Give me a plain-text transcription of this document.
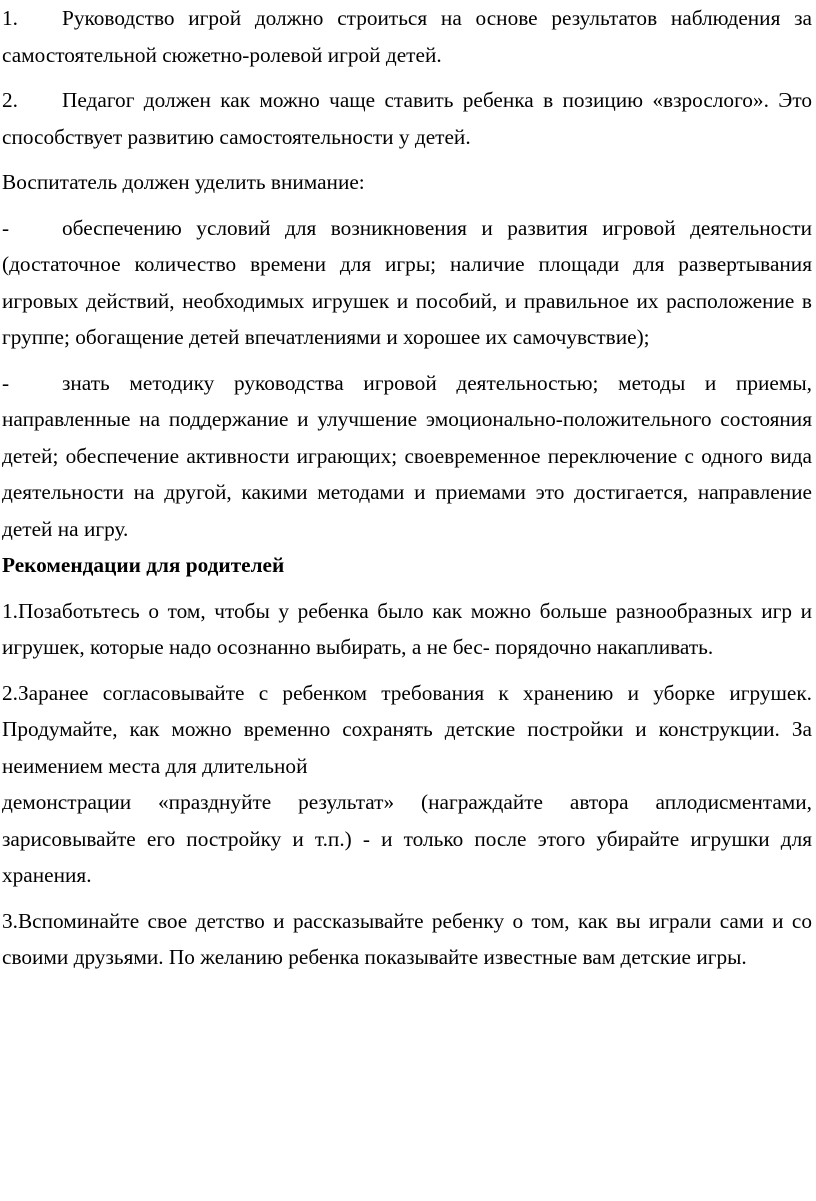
1. Руководство игрой должно строиться на основе результатов наблюдения за самостоятельной сюжетно-ролевой игрой детей.

2. Педагог должен как можно чаще ставить ребенка в позицию «взрослого». Это способствует развитию самостоятельности у детей.

Воспитатель должен уделить внимание:

- обеспечению условий для возникновения и развития игровой деятельности (достаточное количество времени для игры; наличие площади для развертывания игровых действий, необходимых игрушек и пособий, и правильное их расположение в группе; обогащение детей впечатлениями и хорошее их самочувствие);

- знать методику руководства игровой деятельностью; методы и приемы, направленные на поддержание и улучшение эмоционально-положительного состояния детей; обеспечение активности играющих; своевременное переключение с одного вида деятельности на другой, какими методами и приемами это достигается, направление детей на игру.

Рекомендации для родителей

1.Позаботьтесь о том, чтобы у ребенка было как можно больше разнообразных игр и игрушек, которые надо осознанно выбирать, а не бес- порядочно накапливать.

2.Заранее согласовывайте с ребенком требования к хранению и уборке игрушек. Продумайте, как можно временно сохранять детские постройки и конструкции. За неимением места для длительной

демонстрации «празднуйте результат» (награждайте автора аплодисментами, зарисовывайте его постройку и т.п.) - и только после этого убирайте игрушки для хранения.

3.Вспоминайте свое детство и рассказывайте ребенку о том, как вы играли сами и со своими друзьями. По желанию ребенка показывайте известные вам детские игры.
